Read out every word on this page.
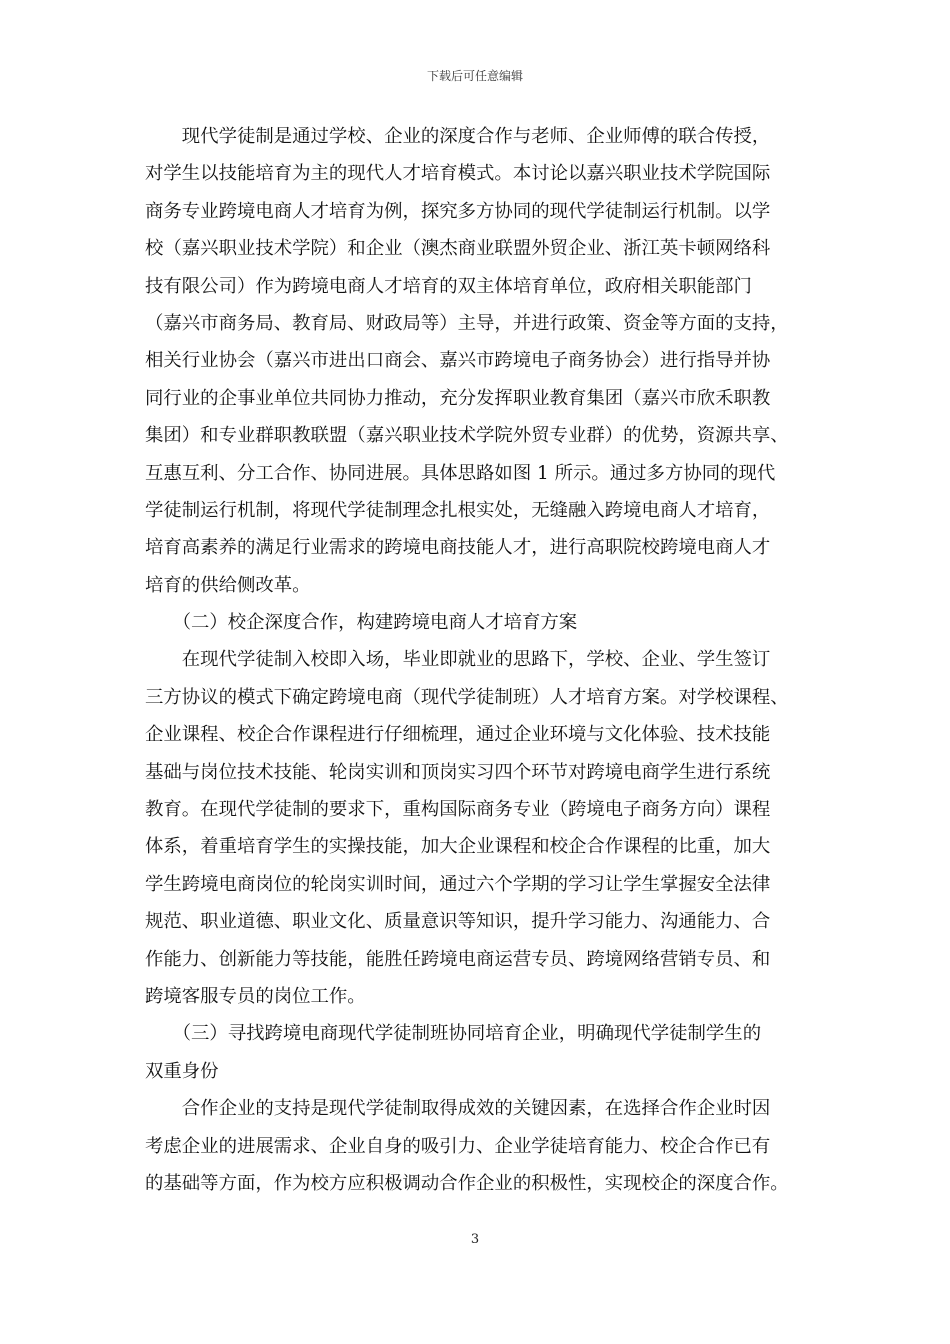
下载后可任意编辑
　　现代学徒制是通过学校、企业的深度合作与老师、企业师傅的联合传授，
对学生以技能培育为主的现代人才培育模式。本讨论以嘉兴职业技术学院国际
商务专业跨境电商人才培育为例，探究多方协同的现代学徒制运行机制。以学
校（嘉兴职业技术学院）和企业（澳杰商业联盟外贸企业、浙江英卡顿网络科
技有限公司）作为跨境电商人才培育的双主体培育单位，政府相关职能部门
（嘉兴市商务局、教育局、财政局等）主导，并进行政策、资金等方面的支持，
相关行业协会（嘉兴市进出口商会、嘉兴市跨境电子商务协会）进行指导并协
同行业的企事业单位共同协力推动，充分发挥职业教育集团（嘉兴市欣禾职教
集团）和专业群职教联盟（嘉兴职业技术学院外贸专业群）的优势，资源共享、
互惠互利、分工合作、协同进展。具体思路如图 1 所示。通过多方协同的现代
学徒制运行机制，将现代学徒制理念扎根实处，无缝融入跨境电商人才培育，
培育高素养的满足行业需求的跨境电商技能人才，进行高职院校跨境电商人才
培育的供给侧改革。
　　（二）校企深度合作，构建跨境电商人才培育方案
　　在现代学徒制入校即入场，毕业即就业的思路下，学校、企业、学生签订
三方协议的模式下确定跨境电商（现代学徒制班）人才培育方案。对学校课程、
企业课程、校企合作课程进行仔细梳理，通过企业环境与文化体验、技术技能
基础与岗位技术技能、轮岗实训和顶岗实习四个环节对跨境电商学生进行系统
教育。在现代学徒制的要求下，重构国际商务专业（跨境电子商务方向）课程
体系，着重培育学生的实操技能，加大企业课程和校企合作课程的比重，加大
学生跨境电商岗位的轮岗实训时间，通过六个学期的学习让学生掌握安全法律
规范、职业道德、职业文化、质量意识等知识，提升学习能力、沟通能力、合
作能力、创新能力等技能，能胜任跨境电商运营专员、跨境网络营销专员、和
跨境客服专员的岗位工作。
　　（三）寻找跨境电商现代学徒制班协同培育企业，明确现代学徒制学生的
双重身份
　　合作企业的支持是现代学徒制取得成效的关键因素，在选择合作企业时因
考虑企业的进展需求、企业自身的吸引力、企业学徒培育能力、校企合作已有
的基础等方面，作为校方应积极调动合作企业的积极性，实现校企的深度合作。
3
